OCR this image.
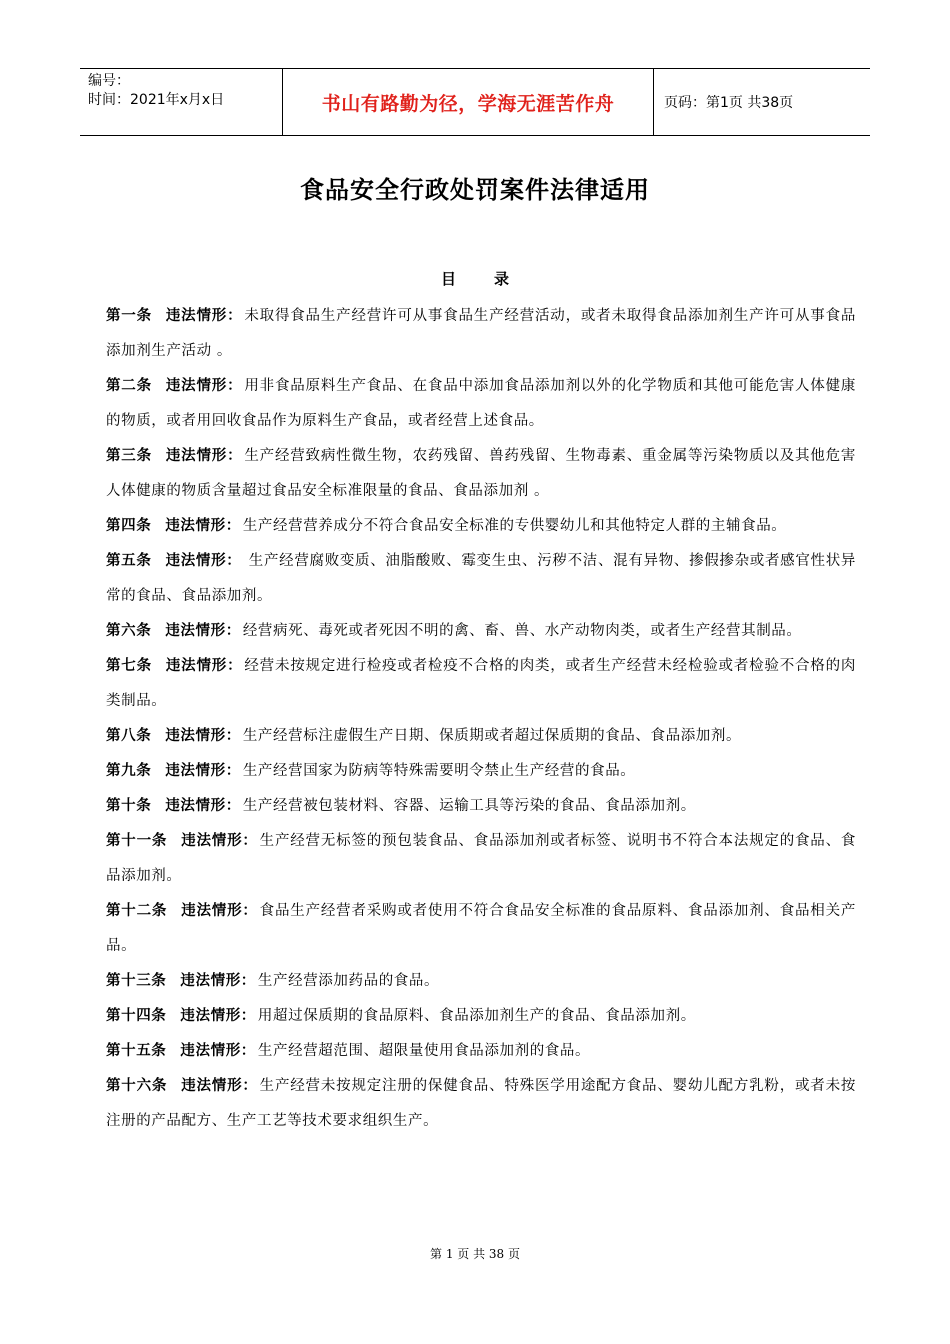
编号：
时间：2021年x月x日	书山有路勤为径，学海无涯苦作舟	页码：第1页 共38页
食品安全行政处罚案件法律适用
目录
第一条 违法情形： 未取得食品生产经营许可从事食品生产经营活动，或者未取得食品添加剂生产许可从事食品添加剂生产活动 。
第二条 违法情形： 用非食品原料生产食品、在食品中添加食品添加剂以外的化学物质和其他可能危害人体健康的物质，或者用回收食品作为原料生产食品，或者经营上述食品。
第三条 违法情形： 生产经营致病性微生物，农药残留、兽药残留、生物毒素、重金属等污染物质以及其他危害人体健康的物质含量超过食品安全标准限量的食品、食品添加剂 。
第四条 违法情形： 生产经营营养成分不符合食品安全标准的专供婴幼儿和其他特定人群的主辅食品。
第五条 违法情形： 生产经营腐败变质、油脂酸败、霉变生虫、污秽不洁、混有异物、掺假掺杂或者感官性状异常的食品、食品添加剂。
第六条 违法情形： 经营病死、毒死或者死因不明的禽、畜、兽、水产动物肉类，或者生产经营其制品。
第七条 违法情形： 经营未按规定进行检疫或者检疫不合格的肉类，或者生产经营未经检验或者检验不合格的肉类制品。
第八条 违法情形： 生产经营标注虚假生产日期、保质期或者超过保质期的食品、食品添加剂。
第九条 违法情形： 生产经营国家为防病等特殊需要明令禁止生产经营的食品。
第十条 违法情形： 生产经营被包装材料、容器、运输工具等污染的食品、食品添加剂。
第十一条 违法情形： 生产经营无标签的预包装食品、食品添加剂或者标签、说明书不符合本法规定的食品、食品添加剂。
第十二条 违法情形： 食品生产经营者采购或者使用不符合食品安全标准的食品原料、食品添加剂、食品相关产品。
第十三条 违法情形： 生产经营添加药品的食品。
第十四条 违法情形： 用超过保质期的食品原料、食品添加剂生产的食品、食品添加剂。
第十五条 违法情形： 生产经营超范围、超限量使用食品添加剂的食品。
第十六条 违法情形： 生产经营未按规定注册的保健食品、特殊医学用途配方食品、婴幼儿配方乳粉，或者未按注册的产品配方、生产工艺等技术要求组织生产。
第 1 页 共 38 页
